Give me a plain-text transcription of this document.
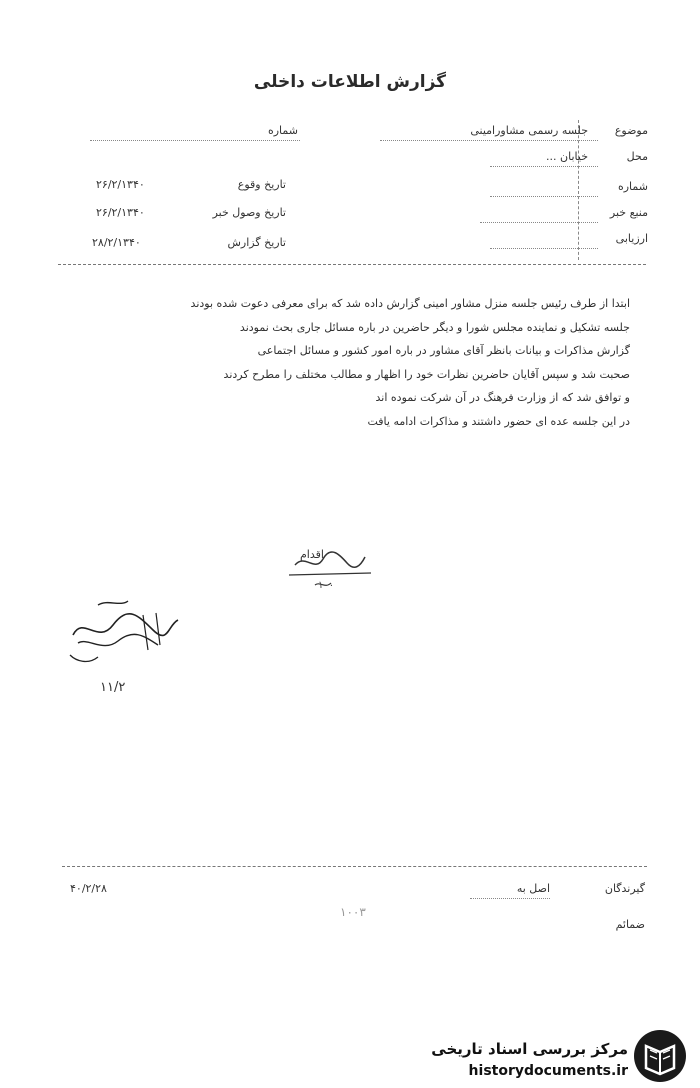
گزارش اطلاعات داخلی
موضوع
جلسه رسمی مشاورامینی
محل
خیابان ...
شماره
منبع خبر
ارزیابی
شماره
تاریخ وقوع
۲۶/۲/۱۳۴۰
تاریخ وصول خبر
۲۶/۲/۱۳۴۰
تاریخ گزارش
۲۸/۲/۱۳۴۰
ابتدا از طرف رئیس جلسه منزل مشاور امینی گزارش داده شد که برای معرفی دعوت شده بودند
جلسه تشکیل و نماینده مجلس شورا و دیگر حاضرین در باره مسائل جاری بحث نمودند
گزارش مذاکرات و بیانات بانظر آقای مشاور در باره امور کشور و مسائل اجتماعی
صحبت شد و سپس آقایان حاضرین نظرات خود را اظهار و مطالب مختلف را مطرح کردند
و توافق شد که از وزارت فرهنگ در آن شرکت نموده اند
در این جلسه عده ای حضور داشتند و مذاکرات ادامه یافت
اقدام
۱۰۰
۱۱/۲
۴۰/۲/۲۸	گیرندگان
اصل به
۱۰۰۳
ضمائم
مرکز بررسی اسناد تاریخی
historydocuments.ir
